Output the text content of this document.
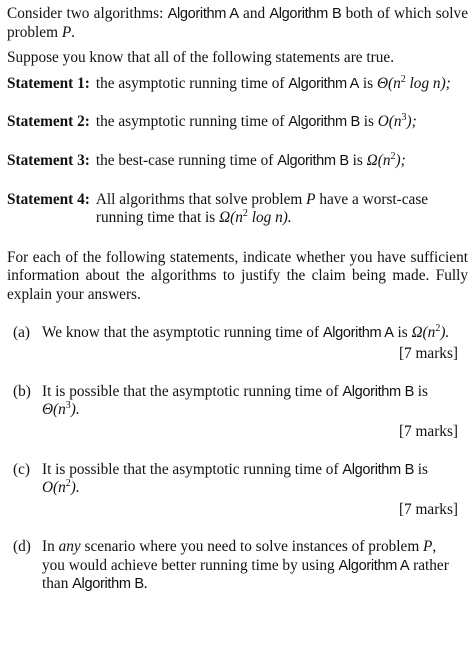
Consider two algorithms: Algorithm A and Algorithm B both of which solve problem P.
Suppose you know that all of the following statements are true.
Statement 1: the asymptotic running time of Algorithm A is $\Theta(n^2$ log n);
Statement 2: the asymptotic running time of Algorithm B is $O(n^3)$;
Statement 3: the best-case running time of Algorithm B is $\Omega(n^2)$;
Statement 4: All algorithms that solve problem P have a worst-case running time that is $\Omega(n^2$ log n).
For each of the following statements, indicate whether you have sufficient information about the algorithms to justify the claim being made. Fully explain your answers.
(a) We know that the asymptotic running time of Algorithm A is $\Omega(n^2)$.
[7 marks]
(b) It is possible that the asymptotic running time of Algorithm B is $\Theta(n^3)$.
[7 marks]
(c) It is possible that the asymptotic running time of Algorithm B is $O(n^2)$.
[7 marks]
(d) In any scenario where you need to solve instances of problem P, you would achieve better running time by using Algorithm A rather than Algorithm B.
